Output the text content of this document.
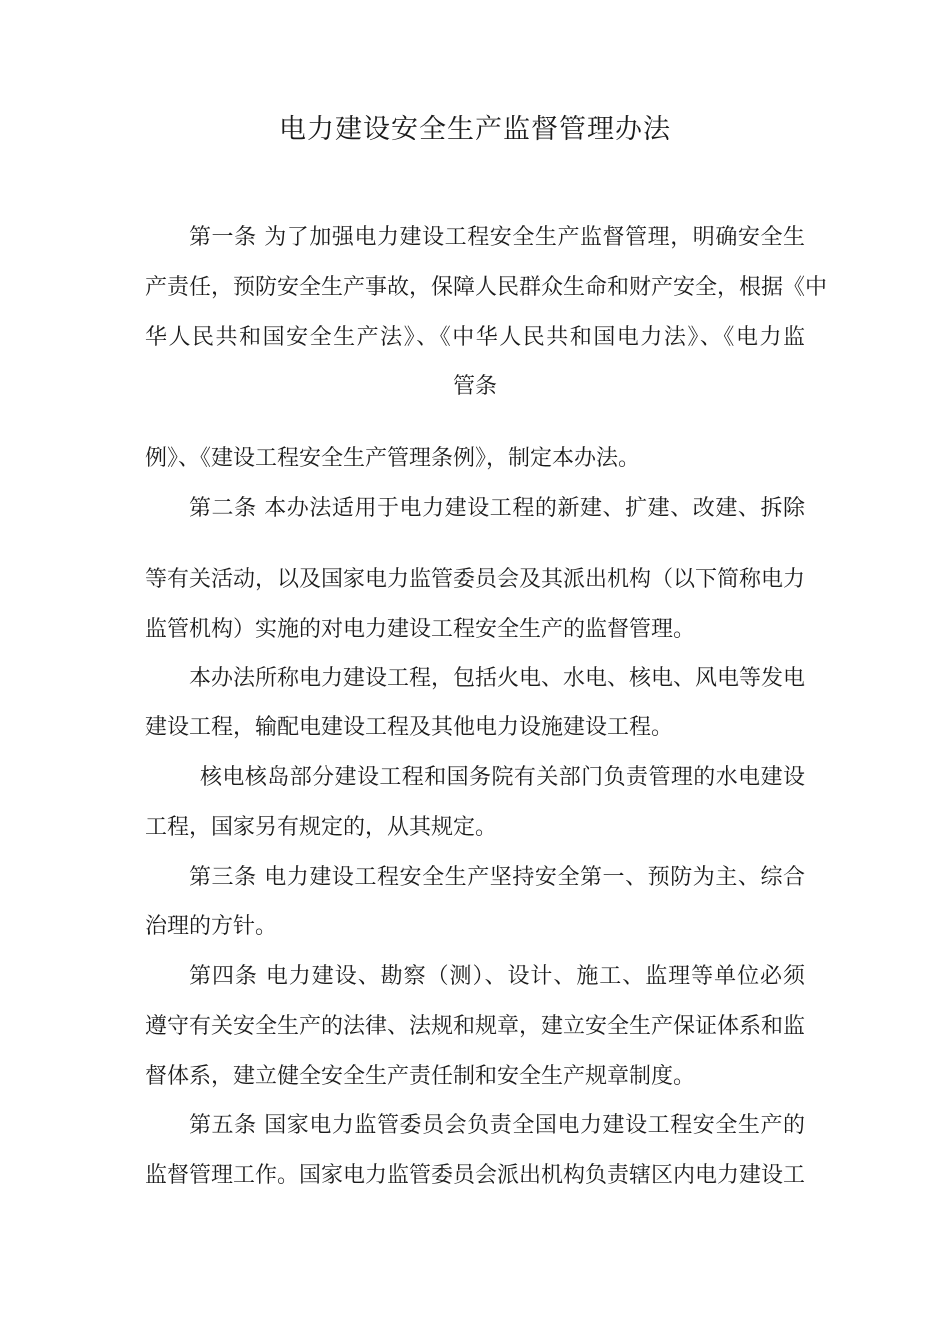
电力建设安全生产监督管理办法
第一条 为了加强电力建设工程安全生产监督管理，明确安全生
产责任，预防安全生产事故，保障人民群众生命和财产安全，根据《中
华人民共和国安全生产法》、《中华人民共和国电力法》、《电力监
管条
例》、《建设工程安全生产管理条例》，制定本办法。
第二条 本办法适用于电力建设工程的新建、扩建、改建、拆除
等有关活动，以及国家电力监管委员会及其派出机构（以下简称电力
监管机构）实施的对电力建设工程安全生产的监督管理。
本办法所称电力建设工程，包括火电、水电、核电、风电等发电
建设工程，输配电建设工程及其他电力设施建设工程。
核电核岛部分建设工程和国务院有关部门负责管理的水电建设
工程，国家另有规定的，从其规定。
第三条 电力建设工程安全生产坚持安全第一、预防为主、综合
治理的方针。
第四条 电力建设、勘察（测）、设计、施工、监理等单位必须
遵守有关安全生产的法律、法规和规章，建立安全生产保证体系和监
督体系，建立健全安全生产责任制和安全生产规章制度。
第五条 国家电力监管委员会负责全国电力建设工程安全生产的
监督管理工作。国家电力监管委员会派出机构负责辖区内电力建设工
